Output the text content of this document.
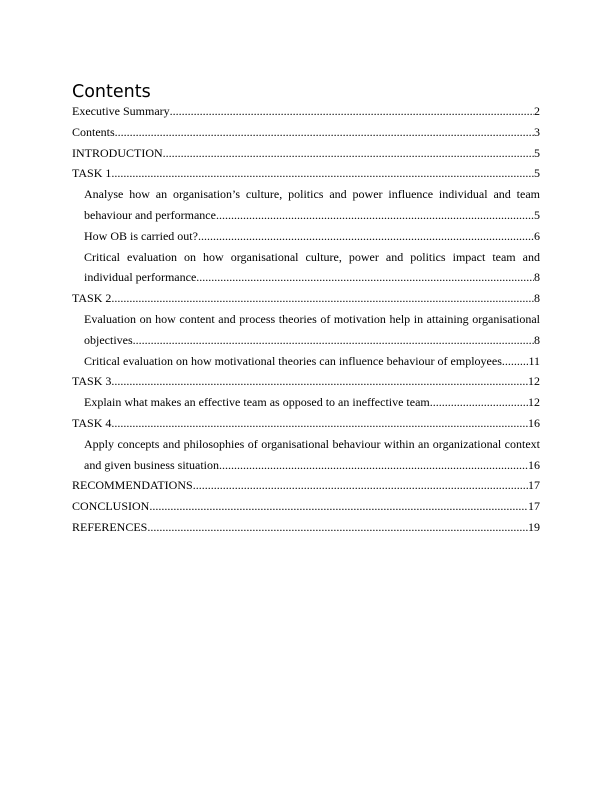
Contents
Executive Summary .....	2
Contents .....	3
INTRODUCTION .....	5
TASK 1 .....	5
Analyse how an organisation’s culture, politics and power influence individual and team
behaviour and performance .....	5
How OB is carried out? .....	6
Critical evaluation on how organisational culture, power and politics impact team and
individual performance .....	8
TASK 2 .....	8
Evaluation on how content and process theories of motivation help in attaining organisational
objectives .....	8
Critical evaluation on how motivational theories can influence behaviour of employees ..... 11
TASK 3 .....	12
Explain what makes an effective team as opposed to an ineffective team. .....	12
TASK 4 .....	16
Apply concepts and philosophies of organisational behaviour within an organizational context
and given business situation .....	16
RECOMMENDATIONS .....	17
CONCLUSION .....	17
REFERENCES .....	19
